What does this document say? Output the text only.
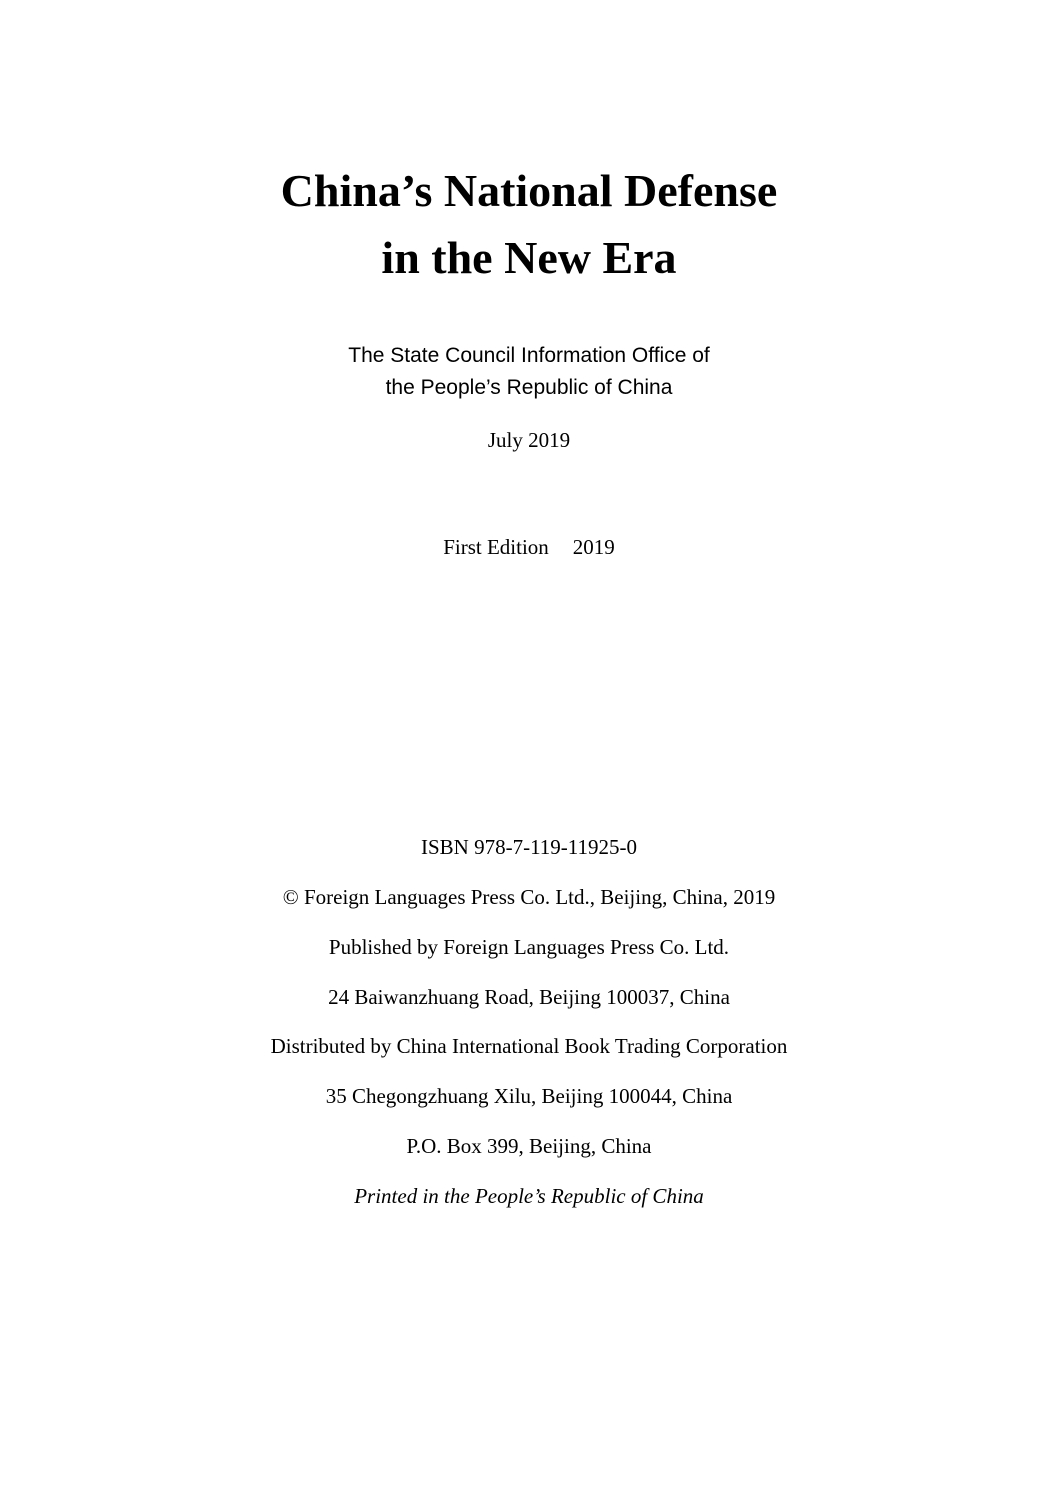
China’s National Defense
in the New Era
The State Council Information Office of
the People’s Republic of China
July 2019
First Edition 2019
ISBN 978-7-119-11925-0
© Foreign Languages Press Co. Ltd., Beijing, China, 2019
Published by Foreign Languages Press Co. Ltd.
24 Baiwanzhuang Road, Beijing 100037, China
Distributed by China International Book Trading Corporation
35 Chegongzhuang Xilu, Beijing 100044, China
P.O. Box 399, Beijing, China
Printed in the People’s Republic of China
